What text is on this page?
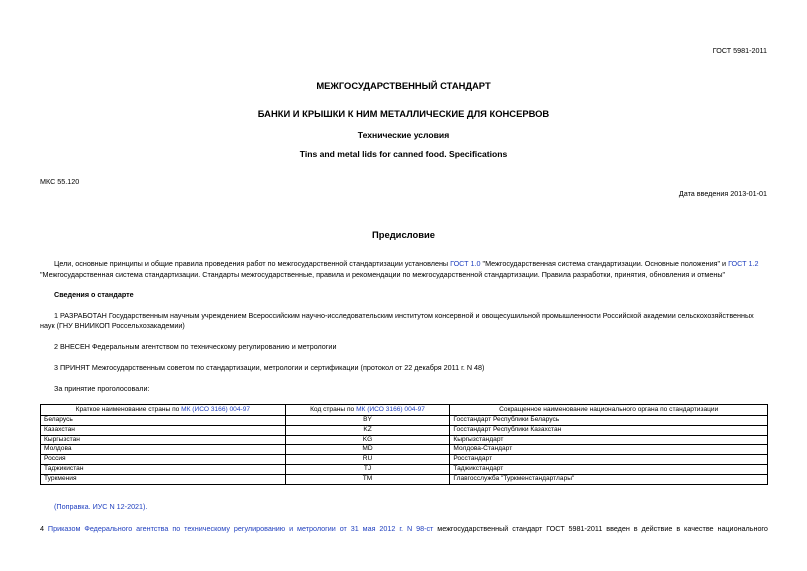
ГОСТ 5981-2011
МЕЖГОСУДАРСТВЕННЫЙ СТАНДАРТ
БАНКИ И КРЫШКИ К НИМ МЕТАЛЛИЧЕСКИЕ ДЛЯ КОНСЕРВОВ
Технические условия
Tins and metal lids for canned food. Specifications
МКС 55.120
Дата введения 2013-01-01
Предисловие
Цели, основные принципы и общие правила проведения работ по межгосударственной стандартизации установлены ГОСТ 1.0 "Межгосударственная система стандартизации. Основные положения" и ГОСТ 1.2 "Межгосударственная система стандартизации. Стандарты межгосударственные, правила и рекомендации по межгосударственной стандартизации. Правила разработки, принятия, обновления и отмены"
Сведения о стандарте
1 РАЗРАБОТАН Государственным научным учреждением Всероссийским научно-исследовательским институтом консервной и овощесушильной промышленности Российской академии сельскохозяйственных наук (ГНУ ВНИИКОП Россельхозакадемии)
2 ВНЕСЕН Федеральным агентством по техническому регулированию и метрологии
3 ПРИНЯТ Межгосударственным советом по стандартизации, метрологии и сертификации (протокол от 22 декабря 2011 г. N 48)
За принятие проголосовали:
Краткое наименование страны по МК (ИСО 3166) 004-97	Код страны по МК (ИСО 3166) 004-97	Сокращенное наименование национального органа по стандартизации
Беларусь	BY	Госстандарт Республики Беларусь
Казахстан	KZ	Госстандарт Республики Казахстан
Кыргызстан	KG	Кыргызстандарт
Молдова	MD	Молдова-Стандарт
Россия	RU	Росстандарт
Таджикистан	TJ	Таджикстандарт
Туркмения	TM	Главгосслужба "Туркменстандартлары"
(Поправка. ИУС N 12-2021).
4 Приказом Федерального агентства по техническому регулированию и метрологии от 31 мая 2012 г. N 98-ст межгосударственный стандарт ГОСТ 5981-2011 введен в действие в качестве национального
